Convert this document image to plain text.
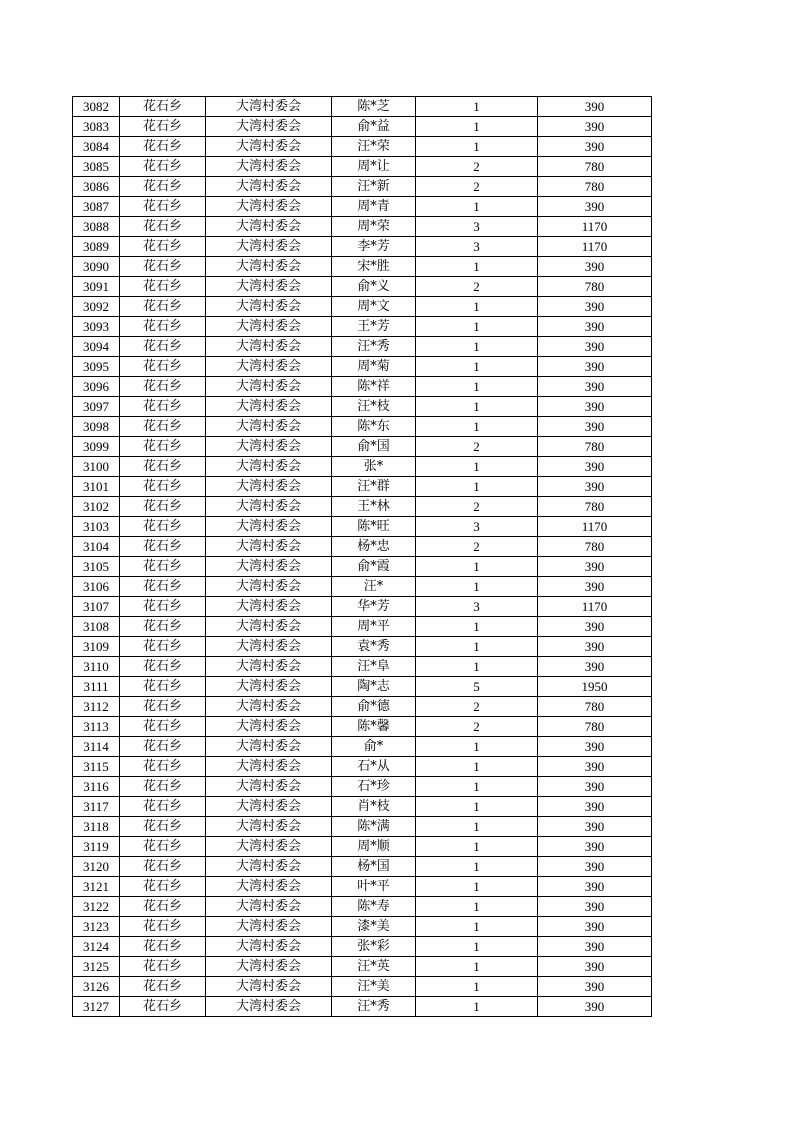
3082	花石乡	大湾村委会	陈*芝	1	390
3083	花石乡	大湾村委会	俞*益	1	390
3084	花石乡	大湾村委会	汪*荣	1	390
3085	花石乡	大湾村委会	周*让	2	780
3086	花石乡	大湾村委会	汪*新	2	780
3087	花石乡	大湾村委会	周*青	1	390
3088	花石乡	大湾村委会	周*荣	3	1170
3089	花石乡	大湾村委会	李*芳	3	1170
3090	花石乡	大湾村委会	宋*胜	1	390
3091	花石乡	大湾村委会	俞*义	2	780
3092	花石乡	大湾村委会	周*文	1	390
3093	花石乡	大湾村委会	王*芳	1	390
3094	花石乡	大湾村委会	汪*秀	1	390
3095	花石乡	大湾村委会	周*菊	1	390
3096	花石乡	大湾村委会	陈*祥	1	390
3097	花石乡	大湾村委会	汪*枝	1	390
3098	花石乡	大湾村委会	陈*东	1	390
3099	花石乡	大湾村委会	俞*国	2	780
3100	花石乡	大湾村委会	张*	1	390
3101	花石乡	大湾村委会	汪*群	1	390
3102	花石乡	大湾村委会	王*林	2	780
3103	花石乡	大湾村委会	陈*旺	3	1170
3104	花石乡	大湾村委会	杨*忠	2	780
3105	花石乡	大湾村委会	俞*霞	1	390
3106	花石乡	大湾村委会	汪*	1	390
3107	花石乡	大湾村委会	华*芳	3	1170
3108	花石乡	大湾村委会	周*平	1	390
3109	花石乡	大湾村委会	袁*秀	1	390
3110	花石乡	大湾村委会	汪*阜	1	390
3111	花石乡	大湾村委会	陶*志	5	1950
3112	花石乡	大湾村委会	俞*德	2	780
3113	花石乡	大湾村委会	陈*馨	2	780
3114	花石乡	大湾村委会	俞*	1	390
3115	花石乡	大湾村委会	石*从	1	390
3116	花石乡	大湾村委会	石*珍	1	390
3117	花石乡	大湾村委会	肖*枝	1	390
3118	花石乡	大湾村委会	陈*满	1	390
3119	花石乡	大湾村委会	周*顺	1	390
3120	花石乡	大湾村委会	杨*国	1	390
3121	花石乡	大湾村委会	叶*平	1	390
3122	花石乡	大湾村委会	陈*寿	1	390
3123	花石乡	大湾村委会	漆*美	1	390
3124	花石乡	大湾村委会	张*彩	1	390
3125	花石乡	大湾村委会	汪*英	1	390
3126	花石乡	大湾村委会	汪*美	1	390
3127	花石乡	大湾村委会	汪*秀	1	390
